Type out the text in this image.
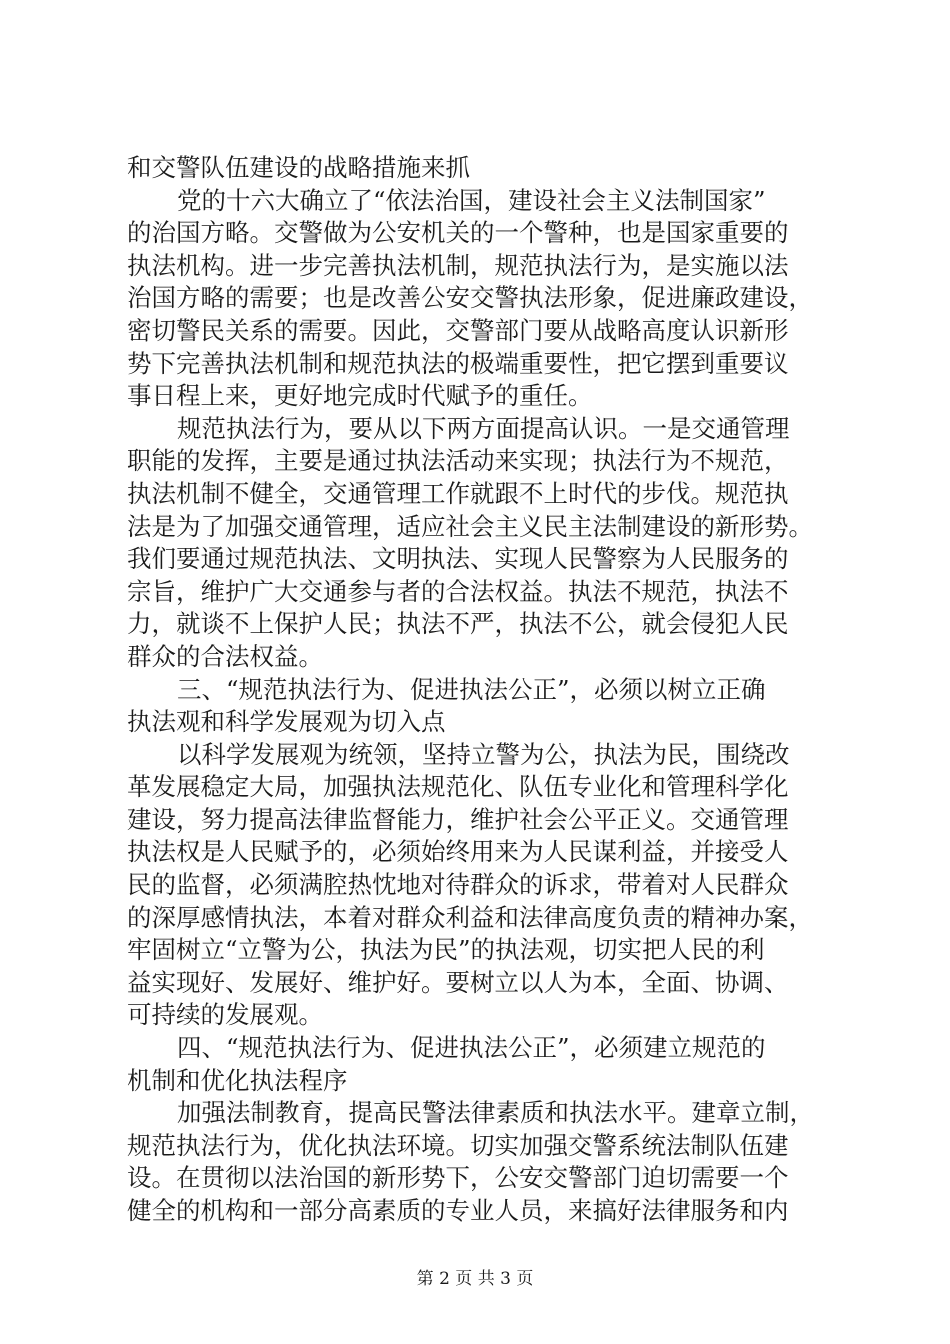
和交警队伍建设的战略措施来抓
党的十六大确立了“依法治国，建设社会主义法制国家”
的治国方略。交警做为公安机关的一个警种，也是国家重要的
执法机构。进一步完善执法机制，规范执法行为，是实施以法
治国方略的需要；也是改善公安交警执法形象，促进廉政建设，
密切警民关系的需要。因此，交警部门要从战略高度认识新形
势下完善执法机制和规范执法的极端重要性，把它摆到重要议
事日程上来，更好地完成时代赋予的重任。
规范执法行为，要从以下两方面提高认识。一是交通管理
职能的发挥，主要是通过执法活动来实现；执法行为不规范，
执法机制不健全，交通管理工作就跟不上时代的步伐。规范执
法是为了加强交通管理，适应社会主义民主法制建设的新形势。
我们要通过规范执法、文明执法、实现人民警察为人民服务的
宗旨，维护广大交通参与者的合法权益。执法不规范，执法不
力，就谈不上保护人民；执法不严，执法不公，就会侵犯人民
群众的合法权益。
三、“规范执法行为、促进执法公正”，必须以树立正确
执法观和科学发展观为切入点
以科学发展观为统领，坚持立警为公，执法为民，围绕改
革发展稳定大局，加强执法规范化、队伍专业化和管理科学化
建设，努力提高法律监督能力，维护社会公平正义。交通管理
执法权是人民赋予的，必须始终用来为人民谋利益，并接受人
民的监督，必须满腔热忱地对待群众的诉求，带着对人民群众
的深厚感情执法，本着对群众利益和法律高度负责的精神办案，
牢固树立“立警为公，执法为民”的执法观，切实把人民的利
益实现好、发展好、维护好。要树立以人为本，全面、协调、
可持续的发展观。
四、“规范执法行为、促进执法公正”，必须建立规范的
机制和优化执法程序
加强法制教育，提高民警法律素质和执法水平。建章立制，
规范执法行为，优化执法环境。切实加强交警系统法制队伍建
设。在贯彻以法治国的新形势下，公安交警部门迫切需要一个
健全的机构和一部分高素质的专业人员，来搞好法律服务和内
第 2 页 共 3 页
